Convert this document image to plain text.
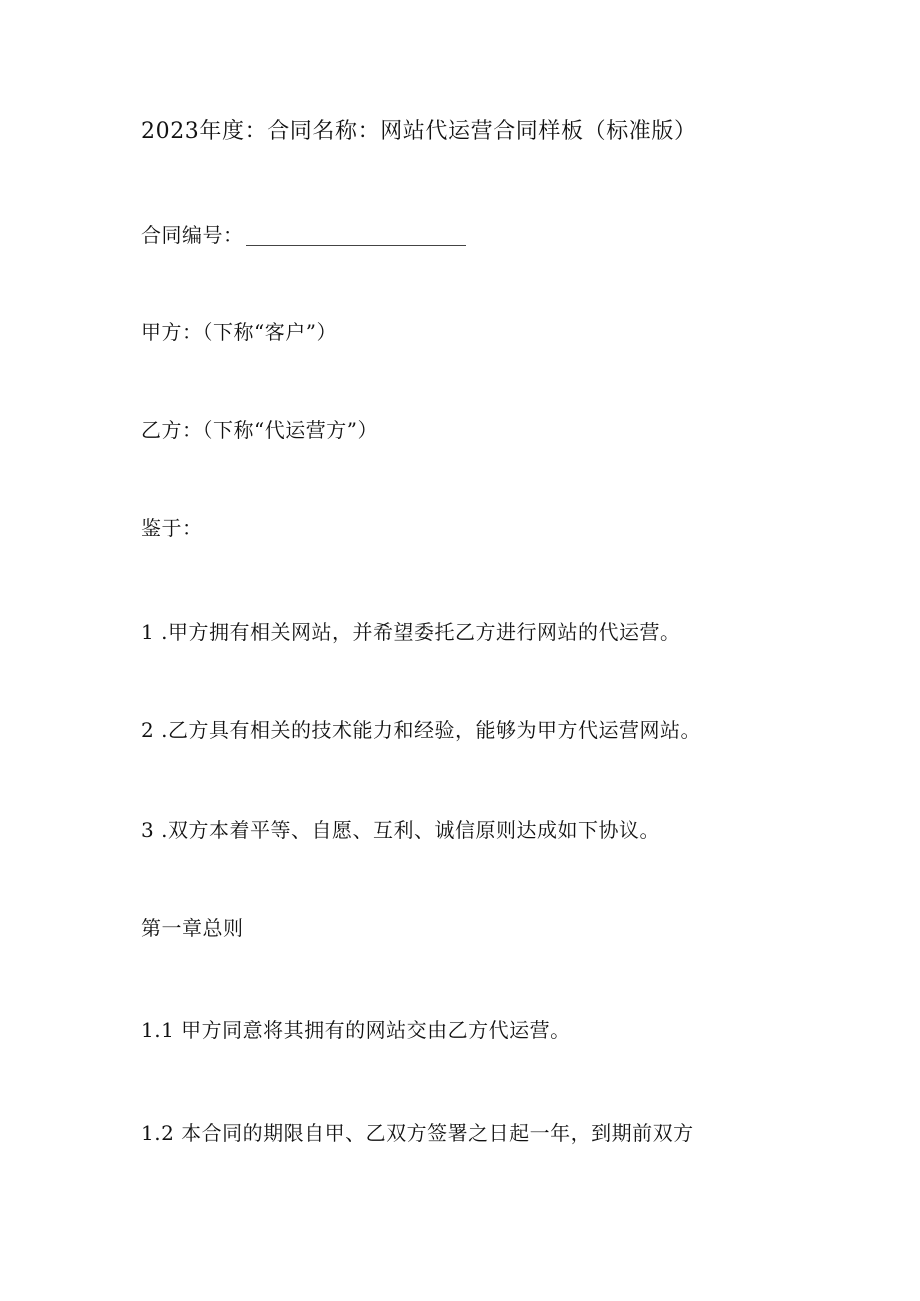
2023年度：合同名称：网站代运营合同样板（标准版）
合同编号：
甲方：（下称“客户”）
乙方：（下称“代运营方”）
鉴于：
1 .甲方拥有相关网站，并希望委托乙方进行网站的代运营。
2 .乙方具有相关的技术能力和经验，能够为甲方代运营网站。
3 .双方本着平等、自愿、互利、诚信原则达成如下协议。
第一章总则
1.1 甲方同意将其拥有的网站交由乙方代运营。
1.2 本合同的期限自甲、乙双方签署之日起一年，到期前双方
